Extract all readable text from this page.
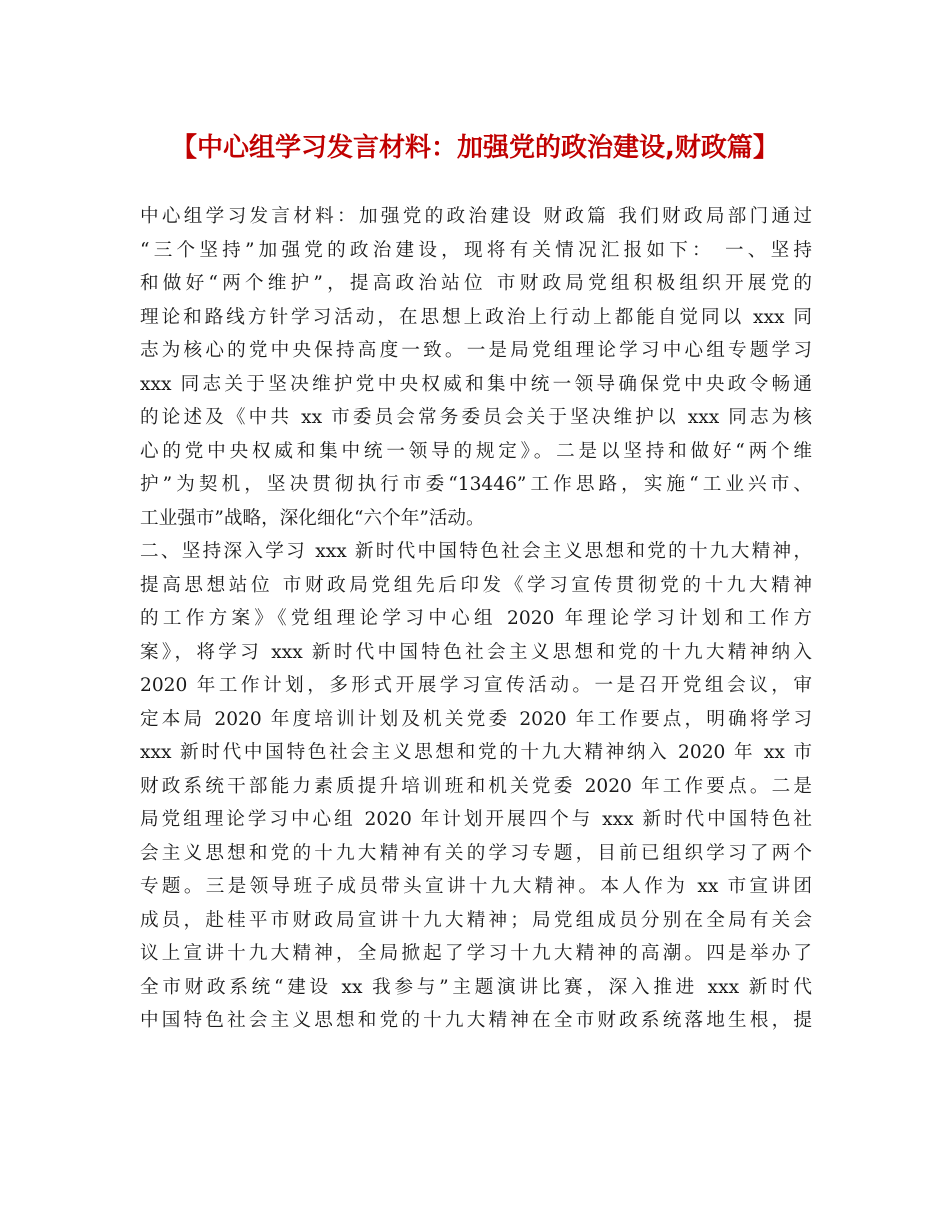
【中心组学习发言材料：加强党的政治建设,财政篇】
中心组学习发言材料：加强党的政治建设 财政篇 我们财政局部门通过
“三个坚持”加强党的政治建设，现将有关情况汇报如下： 一、坚持
和做好“两个维护”，提高政治站位 市财政局党组积极组织开展党的
理论和路线方针学习活动，在思想上政治上行动上都能自觉同以 xxx 同
志为核心的党中央保持高度一致。一是局党组理论学习中心组专题学习
xxx 同志关于坚决维护党中央权威和集中统一领导确保党中央政令畅通
的论述及《中共 xx 市委员会常务委员会关于坚决维护以 xxx 同志为核
心的党中央权威和集中统一领导的规定》。二是以坚持和做好“两个维
护”为契机，坚决贯彻执行市委“13446”工作思路，实施“工业兴市、
工业强市”战略，深化细化“六个年”活动。
二、坚持深入学习 xxx 新时代中国特色社会主义思想和党的十九大精神，
提高思想站位 市财政局党组先后印发《学习宣传贯彻党的十九大精神
的工作方案》《党组理论学习中心组 2020 年理论学习计划和工作方
案》，将学习 xxx 新时代中国特色社会主义思想和党的十九大精神纳入
2020 年工作计划，多形式开展学习宣传活动。一是召开党组会议，审
定本局 2020 年度培训计划及机关党委 2020 年工作要点，明确将学习
xxx 新时代中国特色社会主义思想和党的十九大精神纳入 2020 年 xx 市
财政系统干部能力素质提升培训班和机关党委 2020 年工作要点。二是
局党组理论学习中心组 2020 年计划开展四个与 xxx 新时代中国特色社
会主义思想和党的十九大精神有关的学习专题，目前已组织学习了两个
专题。三是领导班子成员带头宣讲十九大精神。本人作为 xx 市宣讲团
成员，赴桂平市财政局宣讲十九大精神；局党组成员分别在全局有关会
议上宣讲十九大精神，全局掀起了学习十九大精神的高潮。四是举办了
全市财政系统“建设 xx 我参与”主题演讲比赛，深入推进 xxx 新时代
中国特色社会主义思想和党的十九大精神在全市财政系统落地生根，提
